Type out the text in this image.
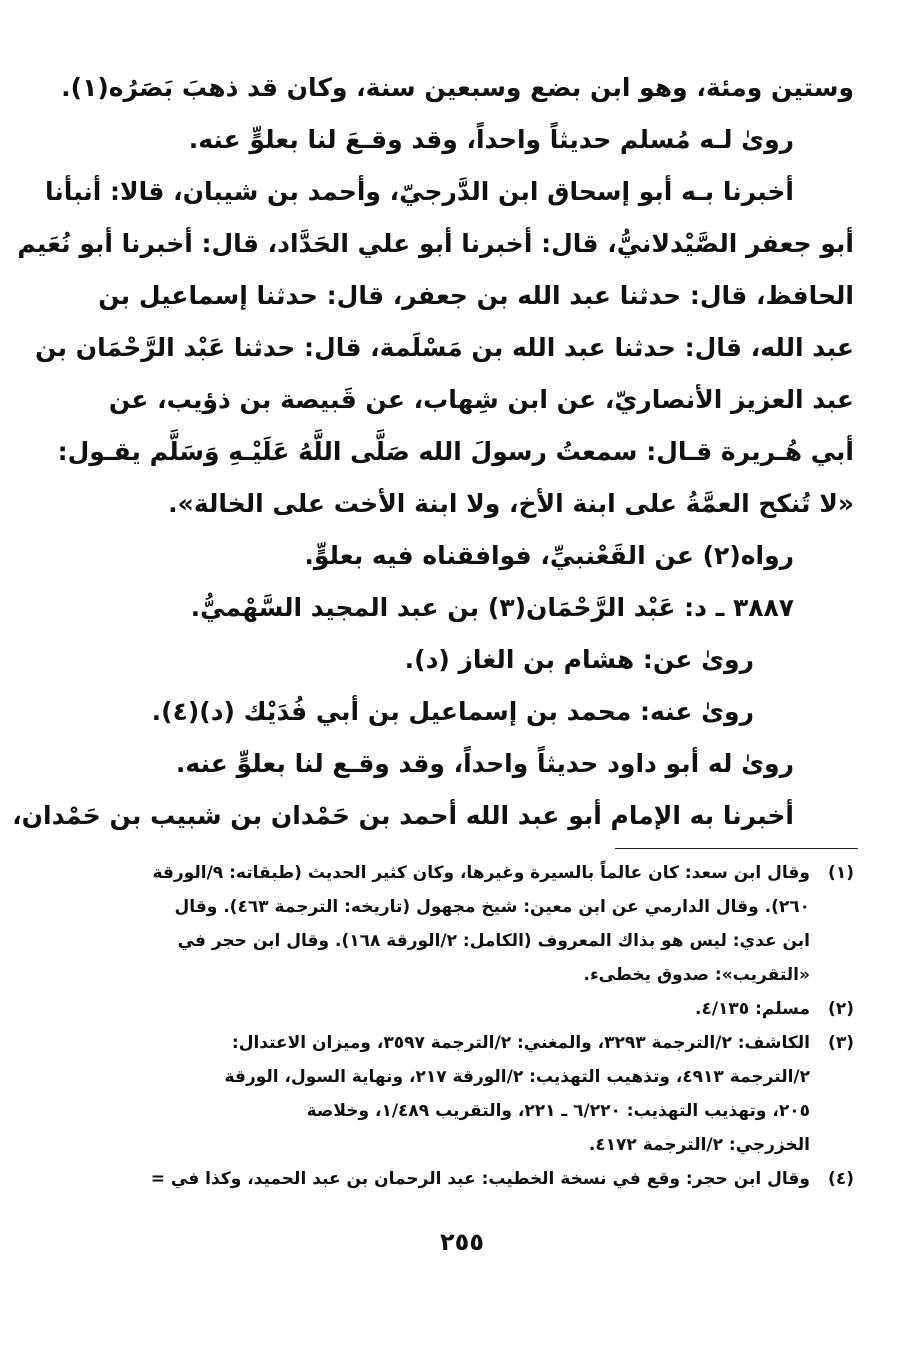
وستين ومئة، وهو ابن بضع وسبعين سنة، وكان قد ذهبَ بَصَرُه(١).
روىٰ لـه مُسلم حديثاً واحداً، وقد وقـعَ لنا بعلوٍّ عنه.
أخبرنا بـه أبو إسحاق ابن الدَّرجيّ، وأحمد بن شيبان، قالا: أنبأنا
أبو جعفر الصَّيْدلانيُّ، قال: أخبرنا أبو علي الحَدَّاد، قال: أخبرنا أبو نُعَيم
الحافظ، قال: حدثنا عبد الله بن جعفر، قال: حدثنا إسماعيل بن
عبد الله، قال: حدثنا عبد الله بن مَسْلَمة، قال: حدثنا عَبْد الرَّحْمَان بن
عبد العزيز الأنصاريّ، عن ابن شِهاب، عن قَبيصة بن ذؤيب، عن
أبي هُـريرة قـال: سمعتُ رسولَ الله صَلَّى اللَّهُ عَلَيْـهِ وَسَلَّم يقـول:
«لا تُنكح العمَّةُ على ابنة الأخ، ولا ابنة الأخت على الخالة».
رواه(٢) عن القَعْنبيِّ، فوافقناه فيه بعلوٍّ.
٣٨٨٧ ـ د: عَبْد الرَّحْمَان(٣) بن عبد المجيد السَّهْميُّ.
روىٰ عن: هشام بن الغاز (د).
روىٰ عنه: محمد بن إسماعيل بن أبي فُدَيْك (د)(٤).
روىٰ له أبو داود حديثاً واحداً، وقد وقـع لنا بعلوٍّ عنه.
أخبرنا به الإمام أبو عبد الله أحمد بن حَمْدان بن شبيب بن حَمْدان،
(١)وقال ابن سعد: كان عالماً بالسيرة وغيرها، وكان كثير الحديث (طبقاته: ٩/الورقة
٢٦٠). وقال الدارمي عن ابن معين: شيخ مجهول (تاريخه: الترجمة ٤٦٣). وقال
ابن عدي: ليس هو بذاك المعروف (الكامل: ٢/الورقة ١٦٨). وقال ابن حجر في
«التقريب»: صدوق يخطىء.
(٢)مسلم: ٤/١٣٥.
(٣)الكاشف: ٢/الترجمة ٣٢٩٣، والمغني: ٢/الترجمة ٣٥٩٧، وميزان الاعتدال:
٢/الترجمة ٤٩١٣، وتذهيب التهذيب: ٢/الورقة ٢١٧، ونهاية السول، الورقة
٢٠٥، وتهذيب التهذيب: ٦/٢٢٠ ـ ٢٢١، والتقريب ١/٤٨٩، وخلاصة
الخزرجي: ٢/الترجمة ٤١٧٢.
(٤)وقال ابن حجر: وقع في نسخة الخطيب: عبد الرحمان بن عبد الحميد، وكذا في =
٢٥٥
